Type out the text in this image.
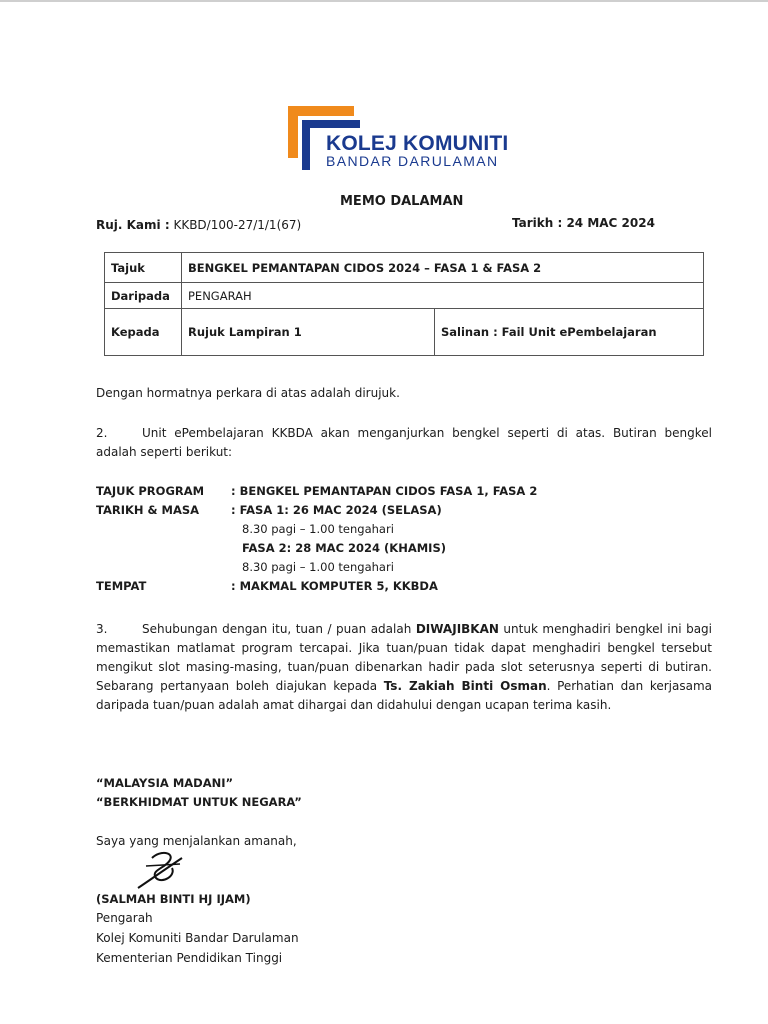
KOLEJ KOMUNITI
BANDAR DARULAMAN
MEMO DALAMAN
Ruj. Kami : KKBD/100-27/1/1(67)	Tarikh : 24 MAC 2024
Tajuk	BENGKEL PEMANTAPAN CIDOS 2024 – FASA 1 & FASA 2	
Daripada	PENGARAH	
Kepada	Rujuk Lampiran 1	Salinan : Fail Unit ePembelajaran
Dengan hormatnya perkara di atas adalah dirujuk.
2.	Unit ePembelajaran KKBDA akan menganjurkan bengkel seperti di atas. Butiran bengkel adalah seperti berikut:
TAJUK PROGRAM : BENGKEL PEMANTAPAN CIDOS FASA 1, FASA 2
TARIKH & MASA	: FASA 1: 26 MAC 2024 (SELASA)
8.30 pagi – 1.00 tengahari
FASA 2: 28 MAC 2024 (KHAMIS)
8.30 pagi – 1.00 tengahari
TEMPAT	: MAKMAL KOMPUTER 5, KKBDA
3.	Sehubungan dengan itu, tuan / puan adalah DIWAJIBKAN untuk menghadiri bengkel ini bagi memastikan matlamat program tercapai. Jika tuan/puan tidak dapat menghadiri bengkel tersebut mengikut slot masing-masing, tuan/puan dibenarkan hadir pada slot seterusnya seperti di butiran. Sebarang pertanyaan boleh diajukan kepada Ts. Zakiah Binti Osman. Perhatian dan kerjasama daripada tuan/puan adalah amat dihargai dan didahului dengan ucapan terima kasih.
“MALAYSIA MADANI”
“BERKHIDMAT UNTUK NEGARA”
Saya yang menjalankan amanah,
(SALMAH BINTI HJ IJAM)
Pengarah
Kolej Komuniti Bandar Darulaman
Kementerian Pendidikan Tinggi
